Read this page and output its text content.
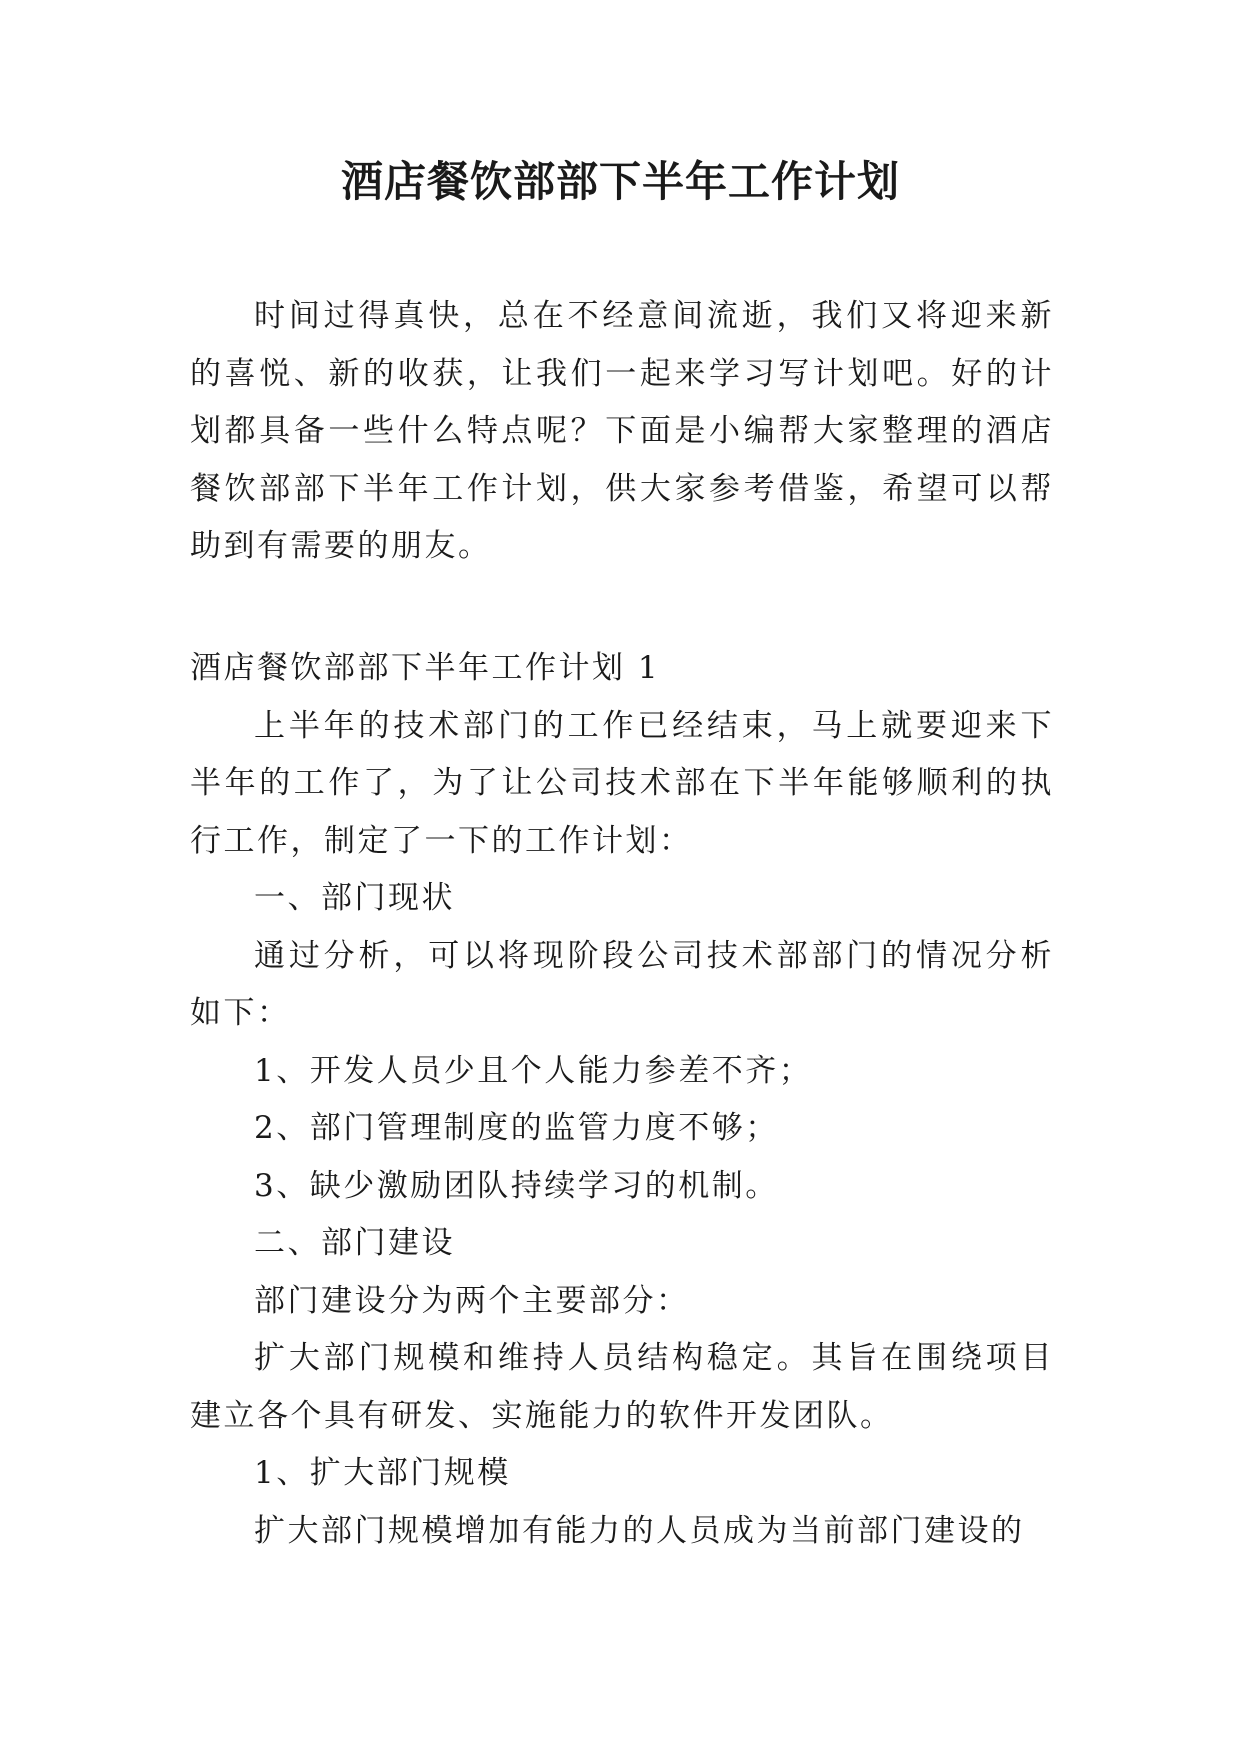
酒店餐饮部部下半年工作计划

时间过得真快，总在不经意间流逝，我们又将迎来新的喜悦、新的收获，让我们一起来学习写计划吧。好的计划都具备一些什么特点呢？下面是小编帮大家整理的酒店餐饮部部下半年工作计划，供大家参考借鉴，希望可以帮助到有需要的朋友。

酒店餐饮部部下半年工作计划 1

上半年的技术部门的工作已经结束，马上就要迎来下半年的工作了，为了让公司技术部在下半年能够顺利的执行工作，制定了一下的工作计划：

一、部门现状

通过分析，可以将现阶段公司技术部部门的情况分析如下：

1、开发人员少且个人能力参差不齐；

2、部门管理制度的监管力度不够；

3、缺少激励团队持续学习的机制。

二、部门建设

部门建设分为两个主要部分：

扩大部门规模和维持人员结构稳定。其旨在围绕项目建立各个具有研发、实施能力的软件开发团队。

1、扩大部门规模

扩大部门规模增加有能力的人员成为当前部门建设的
